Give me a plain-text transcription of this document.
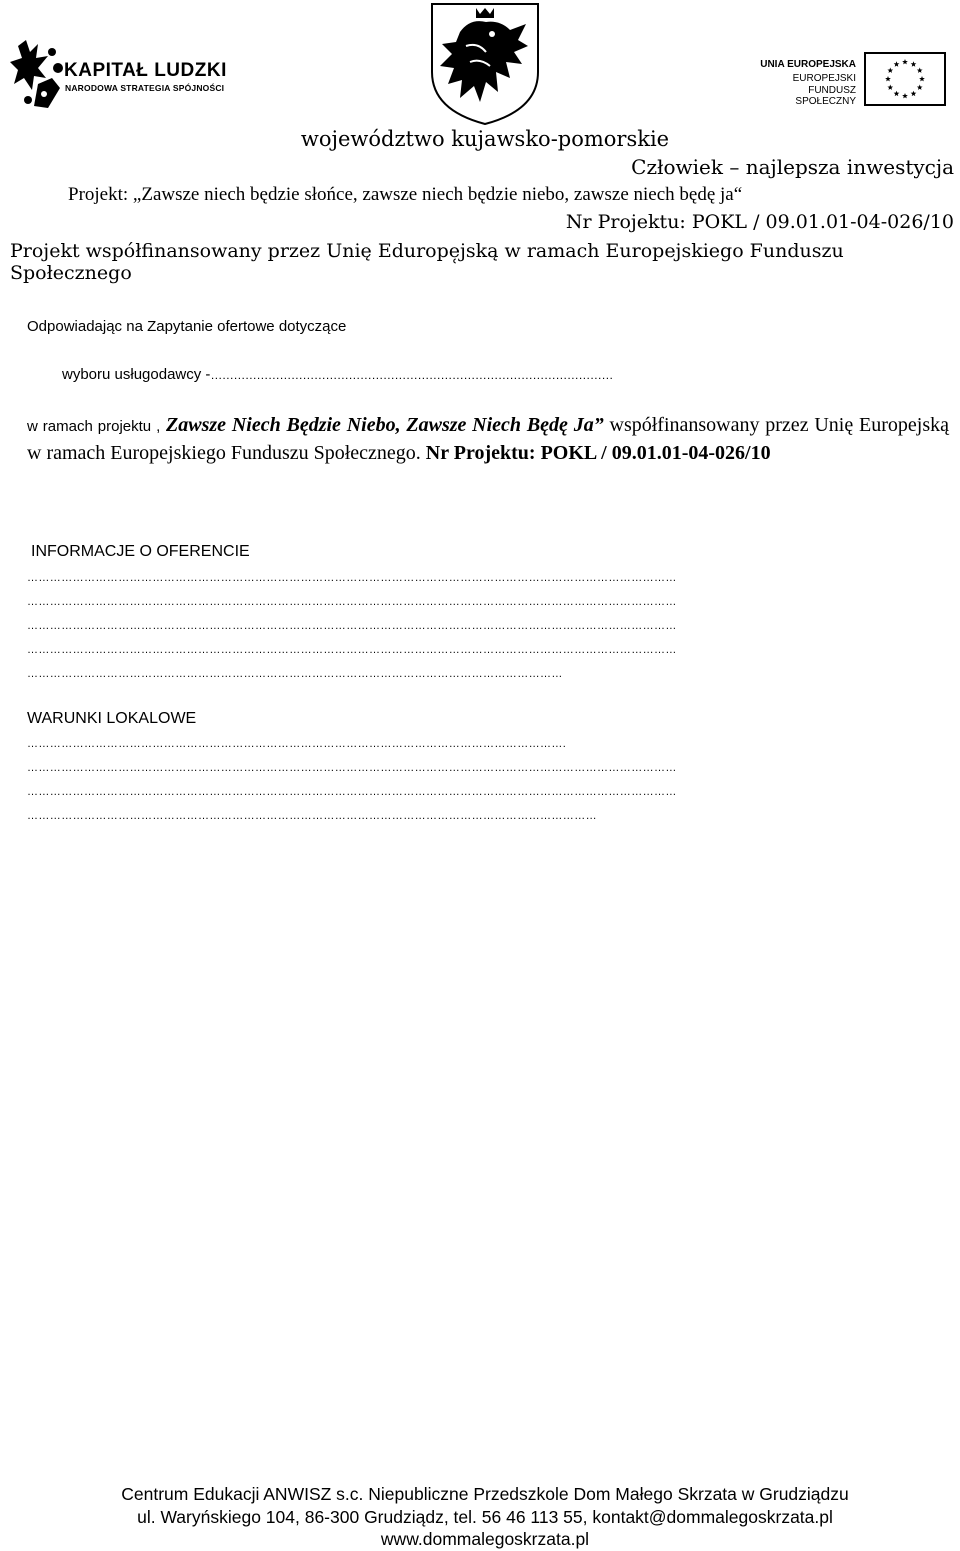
KAPITAŁ LUDZKI
NARODOWA STRATEGIA SPÓJNOŚCI
UNIA EUROPEJSKA
EUROPEJSKI
FUNDUSZ SPOŁECZNY
województwo kujawsko-pomorskie
Człowiek – najlepsza inwestycja
Projekt: „Zawsze niech będzie słońce, zawsze niech będzie niebo, zawsze niech będę ja“
Nr Projektu: POKL / 09.01.01-04-026/10
Projekt współfinansowany przez Unię Edurope̜jską w ramach Europejskiego Funduszu Społecznego
Odpowiadając na Zapytanie ofertowe dotyczące
wyboru usługodawcy -……………………………………………………………………………………………
w ramach projektu , Zawsze Niech Będzie Niebo, Zawsze Niech Będę Ja” współfinansowany przez Unię Europejską w ramach Europejskiego Funduszu Społecznego. Nr Projektu: POKL / 09.01.01-04-026/10
INFORMACJE O OFERENCIE
………………………………………………………………………………………………………………………………………………………
………………………………………………………………………………………………………………………………………………………
………………………………………………………………………………………………………………………………………………………
………………………………………………………………………………………………………………………………………………………
……………………………………………………………………………………………………………………………
WARUNKI LOKALOWE
…………………………………………………………………………………………………………………………….
………………………………………………………………………………………………………………………………………………………
………………………………………………………………………………………………………………………………………………………
……………………………………………………………………………………………………………………………………
Centrum Edukacji ANWISZ s.c. Niepubliczne Przedszkole Dom Małego Skrzata w Grudziądzu
ul. Waryńskiego 104, 86-300 Grudziądz, tel. 56 46 113 55, kontakt@dommalegoskrzata.pl
www.dommalegoskrzata.pl
